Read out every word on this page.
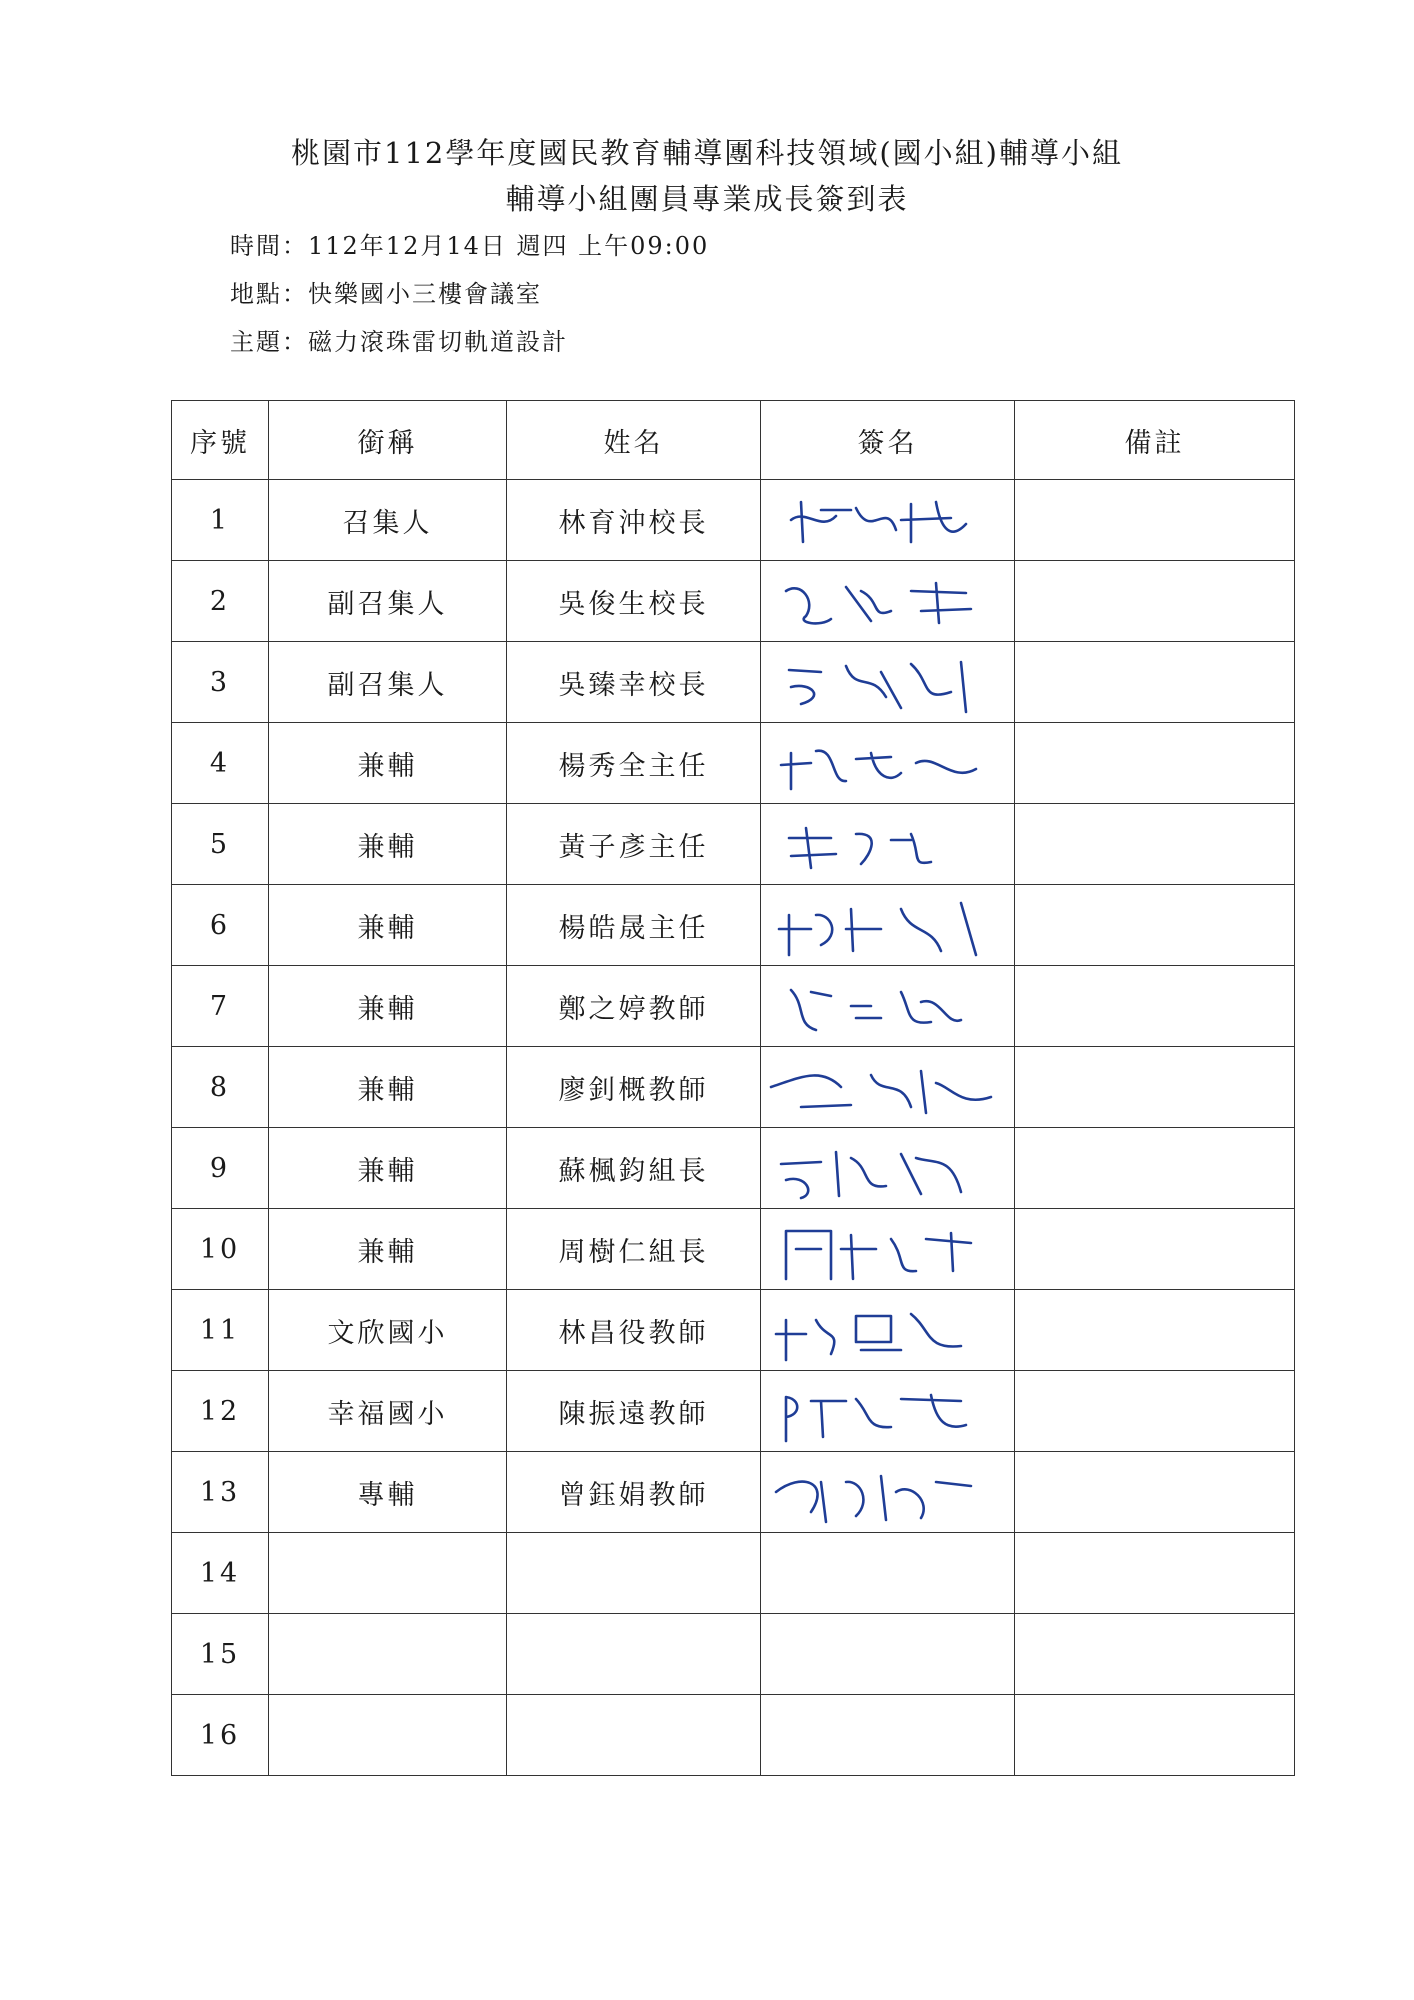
桃園市112學年度國民教育輔導團科技領域(國小組)輔導小組
輔導小組團員專業成長簽到表
時間：112年12月14日 週四 上午09:00
地點：快樂國小三樓會議室
主題：磁力滾珠雷切軌道設計
序號	銜稱	姓名	簽名	備註
1	召集人	林育沖校長	

2	副召集人	吳俊生校長	

3	副召集人	吳臻幸校長	

4	兼輔	楊秀全主任	

5	兼輔	黃子彥主任	

6	兼輔	楊皓晟主任	

7	兼輔	鄭之婷教師	

8	兼輔	廖釗概教師	

9	兼輔	蘇楓鈞組長	

10	兼輔	周樹仁組長	

11	文欣國小	林昌役教師	

12	幸福國小	陳振遠教師	

13	專輔	曾鈺娟教師	

14				
15				
16				
